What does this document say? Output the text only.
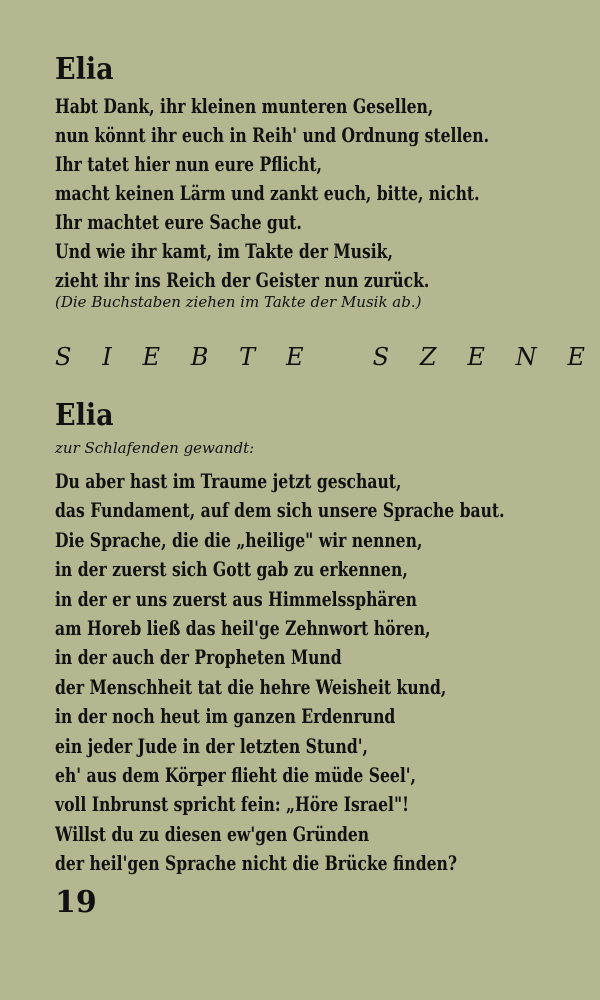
Elia
Habt Dank, ihr kleinen munteren Gesellen,
nun könnt ihr euch in Reih' und Ordnung stellen.
Ihr tatet hier nun eure Pflicht,
macht keinen Lärm und zankt euch, bitte, nicht.
Ihr machtet eure Sache gut.
Und wie ihr kamt, im Takte der Musik,
zieht ihr ins Reich der Geister nun zurück.
(Die Buchstaben ziehen im Takte der Musik ab.)
S I E B T E
	S Z E N E
Elia
zur Schlafenden gewandt:
Du aber hast im Traume jetzt geschaut,
das Fundament, auf dem sich unsere Sprache baut.
Die Sprache, die die „heilige" wir nennen,
in der zuerst sich Gott gab zu erkennen,
in der er uns zuerst aus Himmelssphären
am Horeb ließ das heil'ge Zehnwort hören,
in der auch der Propheten Mund
der Menschheit tat die hehre Weisheit kund,
in der noch heut im ganzen Erdenrund
ein jeder Jude in der letzten Stund',
eh' aus dem Körper flieht die müde Seel',
voll Inbrunst spricht fein: „Höre Israel"!
Willst du zu diesen ew'gen Gründen
der heil'gen Sprache nicht die Brücke finden?
19
